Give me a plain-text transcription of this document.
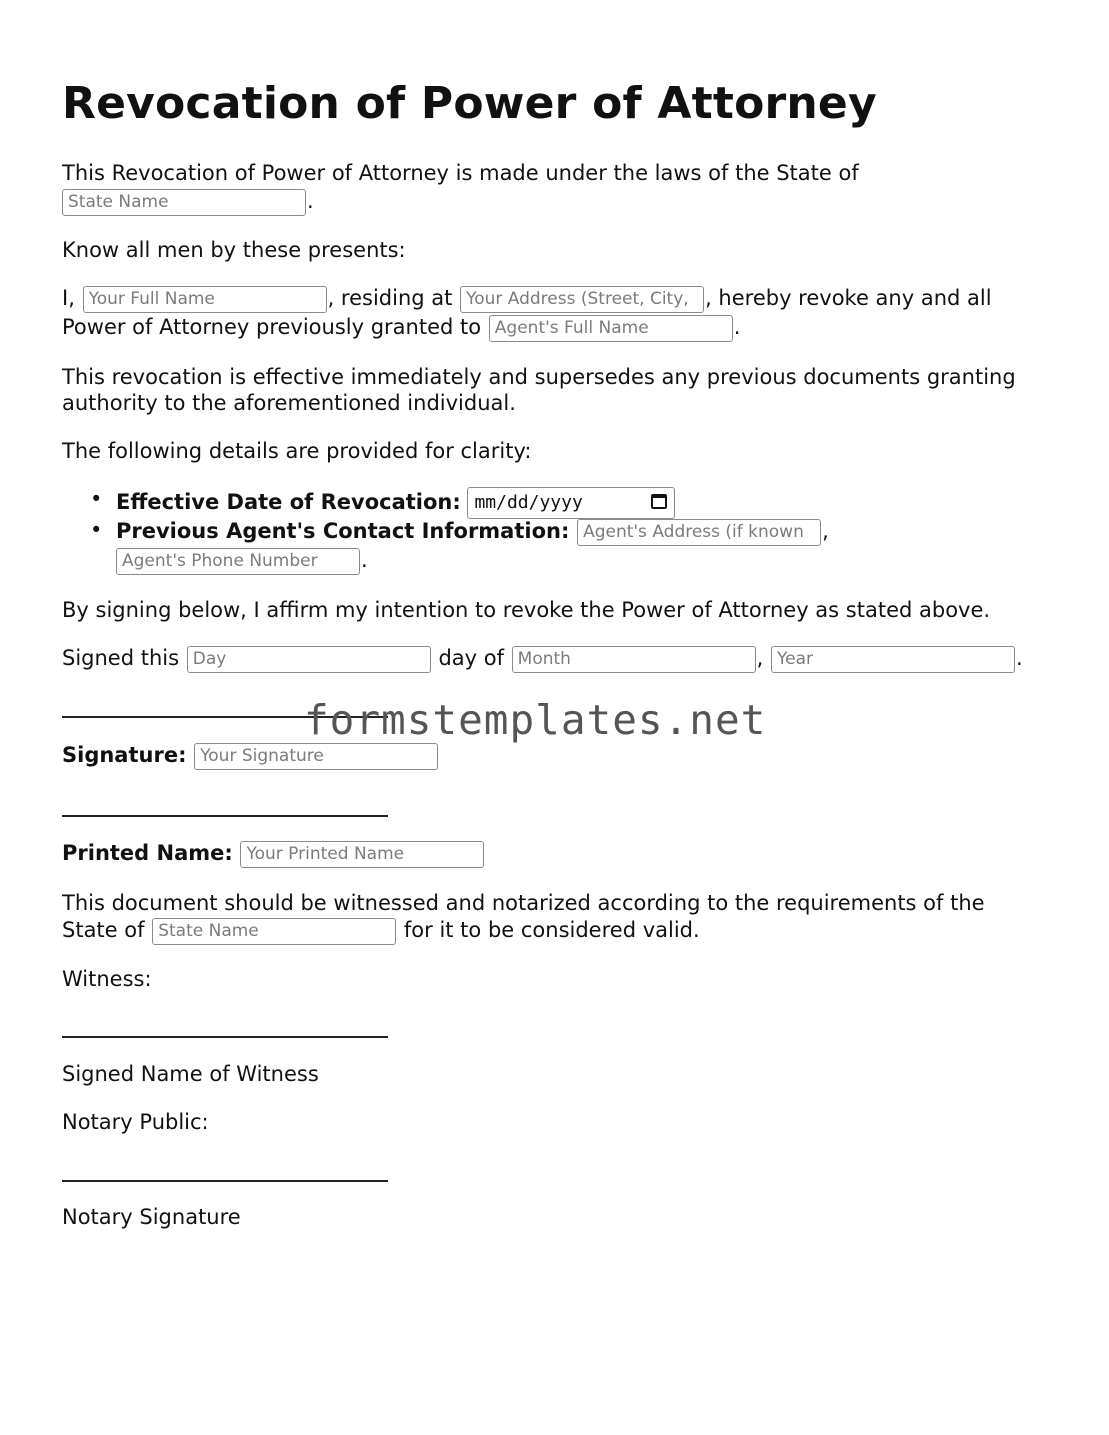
Revocation of Power of Attorney
This Revocation of Power of Attorney is made under the laws of the State of
State Name.
Know all men by these presents:
I, Your Full Name	, residing at Your Address (Street, City,	, hereby revoke any and all
Power of Attorney previously granted to Agent's Full Name	.
This revocation is effective immediately and supersedes any previous documents granting
authority to the aforementioned individual.
The following details are provided for clarity:
• Effective Date of Revocation: mm/dd/yyyy
• Previous Agent's Contact Information: Agent's Address (if known	,
Agent's Phone Number.
By signing below, I affirm my intention to revoke the Power of Attorney as stated above.
Signed this Day	day of Month	, Year	.
Signature: Your Signature
Printed Name: Your Printed Name
This document should be witnessed and notarized according to the requirements of the
State of State Name	for it to be considered valid.
Witness:
Signed Name of Witness
Notary Public:
Notary Signature
formstemplates.net
